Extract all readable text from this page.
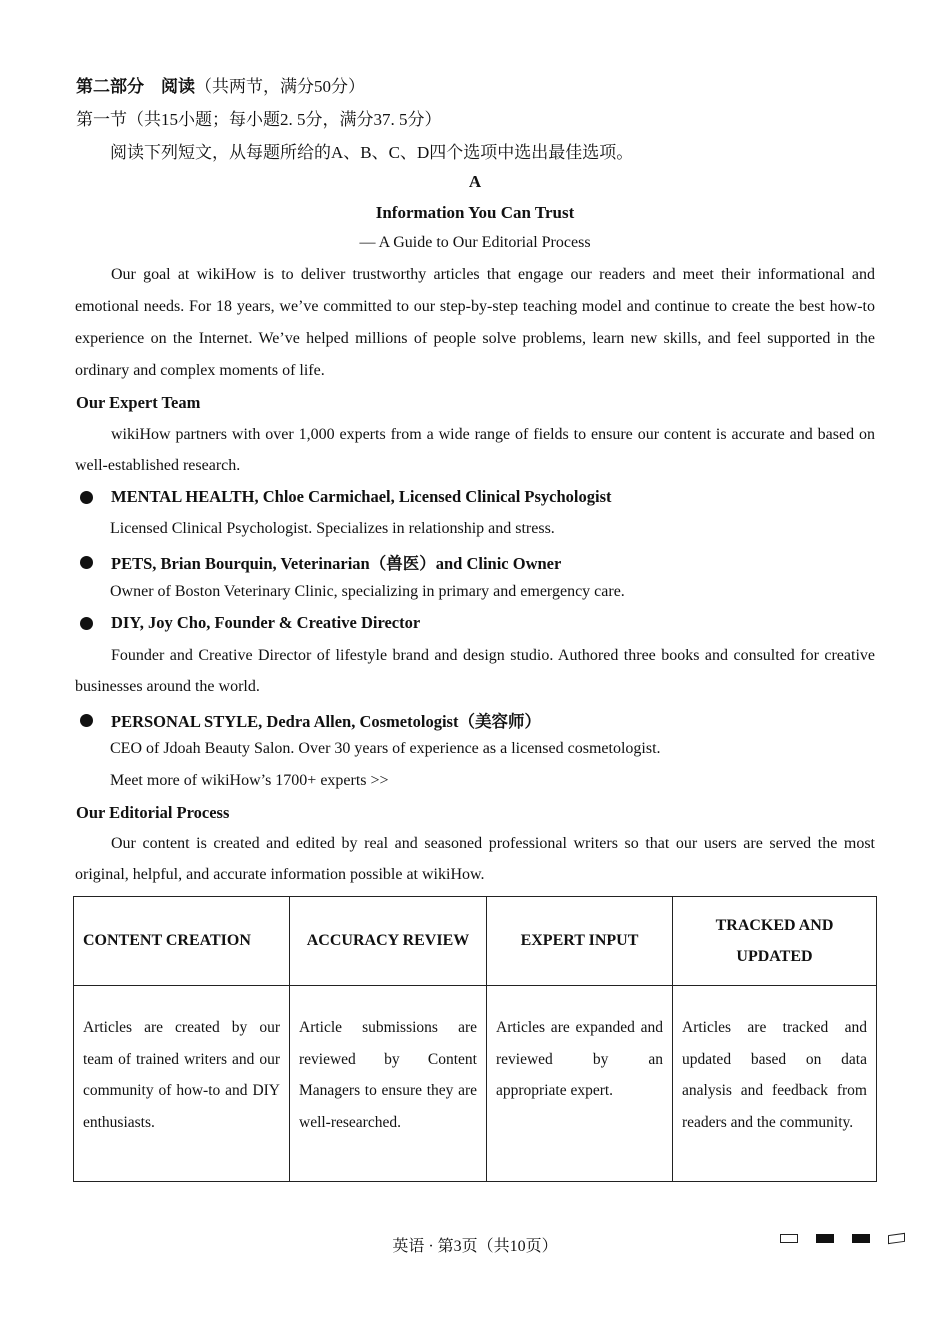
第二部分　阅读（共两节，满分50分）
第一节（共15小题；每小题2. 5分，满分37. 5分）
阅读下列短文，从每题所给的A、B、C、D四个选项中选出最佳选项。
A
Information You Can Trust
— A Guide to Our Editorial Process
Our goal at wikiHow is to deliver trustworthy articles that engage our readers and meet their informational and emotional needs. For 18 years, we’ve committed to our step-by-step teaching model and continue to create the best how-to experience on the Internet. We’ve helped millions of people solve problems, learn new skills, and feel supported in the ordinary and complex moments of life.
Our Expert Team
wikiHow partners with over 1,000 experts from a wide range of fields to ensure our content is accurate and based on well-established research.
MENTAL HEALTH, Chloe Carmichael, Licensed Clinical Psychologist
Licensed Clinical Psychologist. Specializes in relationship and stress.
PETS, Brian Bourquin, Veterinarian（兽医）and Clinic Owner
Owner of Boston Veterinary Clinic, specializing in primary and emergency care.
DIY, Joy Cho, Founder & Creative Director
Founder and Creative Director of lifestyle brand and design studio. Authored three books and consulted for creative businesses around the world.
PERSONAL STYLE, Dedra Allen, Cosmetologist（美容师）
CEO of Jdoah Beauty Salon. Over 30 years of experience as a licensed cosmetologist.
Meet more of wikiHow’s 1700+ experts >>
Our Editorial Process
Our content is created and edited by real and seasoned professional writers so that our users are served the most original, helpful, and accurate information possible at wikiHow.
CONTENT CREATION	ACCURACY REVIEW	EXPERT INPUT	TRACKED AND UPDATED
Articles are created by our team of trained writers and our community of how-to and DIY enthusiasts.	Article submissions are reviewed by Content Managers to ensure they are well-researched.	Articles are expanded and reviewed by an appropriate expert.	Articles are tracked and updated based on data analysis and feedback from readers and the community.
英语 · 第3页（共10页）
